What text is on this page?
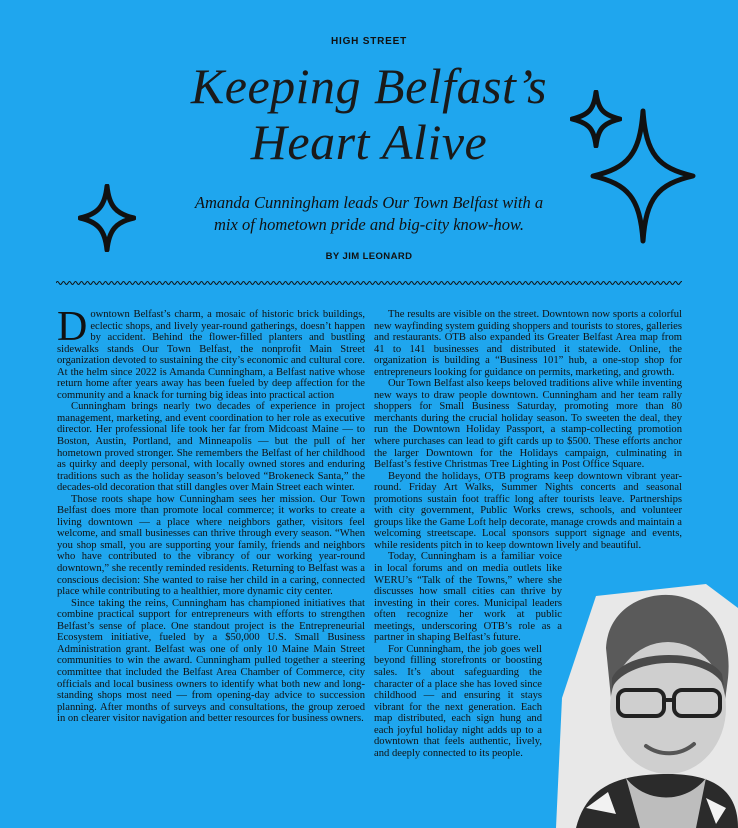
HIGH STREET
Keeping Belfast’s
Heart Alive
Amanda Cunningham leads Our Town Belfast with a
mix of hometown pride and big-city know-how.
BY JIM LEONARD

Downtown Belfast’s charm, a mosaic of historic brick buildings, eclectic shops, and lively year-round gatherings, doesn’t happen by accident. Behind the flower-filled planters and bustling sidewalks stands Our Town Belfast, the nonprofit Main Street organization devoted to sustaining the city’s economic and cultural core. At the helm since 2022 is Amanda Cunningham, a Belfast native whose return home after years away has been fueled by deep affection for the community and a knack for turning big ideas into practical action

Cunningham brings nearly two decades of experience in project management, marketing, and event coordination to her role as executive director. Her professional life took her far from Midcoast Maine — to Boston, Austin, Portland, and Minneapolis — but the pull of her hometown proved stronger. She remembers the Belfast of her childhood as quirky and deeply personal, with locally owned stores and enduring traditions such as the holiday season’s beloved “Brokeneck Santa,” the decades-old decoration that still dangles over Main Street each winter.

Those roots shape how Cunningham sees her mission. Our Town Belfast does more than promote local commerce; it works to create a living downtown — a place where neighbors gather, visitors feel welcome, and small businesses can thrive through every season. “When you shop small, you are supporting your family, friends and neighbors who have contributed to the vibrancy of our working year-round downtown,” she recently reminded residents. Returning to Belfast was a conscious decision: She wanted to raise her child in a caring, connected place while contributing to a healthier, more dynamic city center.

Since taking the reins, Cunningham has championed initiatives that combine practical support for entrepreneurs with efforts to strengthen Belfast’s sense of place. One standout project is the Entrepreneurial Ecosystem initiative, fueled by a $50,000 U.S. Small Business Administration grant. Belfast was one of only 10 Maine Main Street communities to win the award. Cunningham pulled together a steering committee that included the Belfast Area Chamber of Commerce, city officials and local business owners to identify what both new and long-standing shops most need — from opening-day advice to succession planning. After months of surveys and consultations, the group zeroed in on clearer visitor navigation and better resources for business owners.

The results are visible on the street. Downtown now sports a colorful new wayfinding system guiding shoppers and tourists to stores, galleries and restaurants. OTB also expanded its Greater Belfast Area map from 41 to 141 businesses and distributed it statewide. Online, the organization is building a “Business 101” hub, a one-stop shop for entrepreneurs looking for guidance on permits, marketing, and growth.

Our Town Belfast also keeps beloved traditions alive while inventing new ways to draw people downtown. Cunningham and her team rally shoppers for Small Business Saturday, promoting more than 80 merchants during the crucial holiday season. To sweeten the deal, they run the Downtown Holiday Passport, a stamp-collecting promotion where purchases can lead to gift cards up to $500. These efforts anchor the larger Downtown for the Holidays campaign, culminating in Belfast’s festive Christmas Tree Lighting in Post Office Square.

Beyond the holidays, OTB programs keep downtown vibrant year-round. Friday Art Walks, Summer Nights concerts and seasonal promotions sustain foot traffic long after tourists leave. Partnerships with city government, Public Works crews, schools, and volunteer groups like the Game Loft help decorate, manage crowds and maintain a welcoming streetscape. Local sponsors support signage and events, while residents pitch in to keep downtown lively and beautiful.

Today, Cunningham is a familiar voice in local forums and on media outlets like WERU’s “Talk of the Towns,” where she discusses how small cities can thrive by investing in their cores. Municipal leaders often recognize her work at public meetings, underscoring OTB’s role as a partner in shaping Belfast’s future.

For Cunningham, the job goes well beyond filling storefronts or boosting sales. It’s about safeguarding the character of a place she has loved since childhood — and ensuring it stays vibrant for the next generation. Each map distributed, each sign hung and each joyful holiday night adds up to a downtown that feels authentic, lively, and deeply connected to its people.
